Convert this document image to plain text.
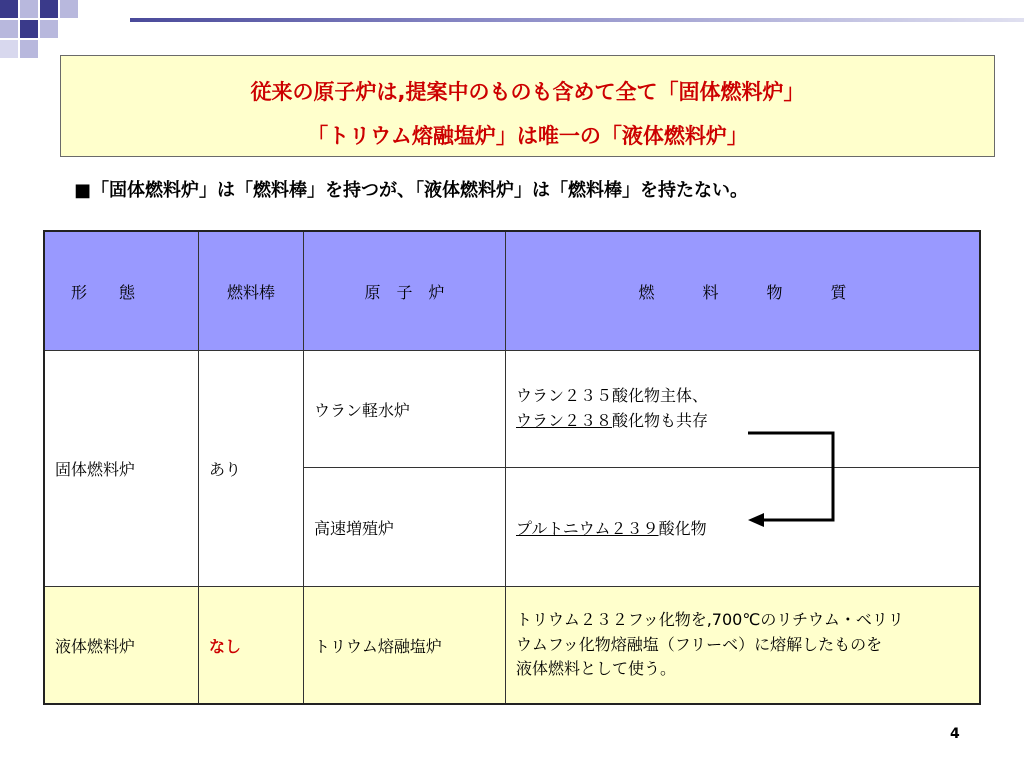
従来の原子炉は,提案中のものも含めて全て「固体燃料炉」
「トリウム熔融塩炉」は唯一の「液体燃料炉」
■「固体燃料炉」は「燃料棒」を持つが、「液体燃料炉」は「燃料棒」を持たない。
形　　態	燃料棒	原　子　炉	燃　　　料　　　物　　　質
固体燃料炉	あり	ウラン軽水炉	ウラン２３５酸化物主体、
ウラン２３８酸化物も共存

		高速増殖炉	プルトニウム２３９酸化物
液体燃料炉	なし	トリウム熔融塩炉	トリウム２３２フッ化物を,700℃のリチウム・ベリリ
ウムフッ化物熔融塩（フリーベ）に熔解したものを
液体燃料として使う。
4
